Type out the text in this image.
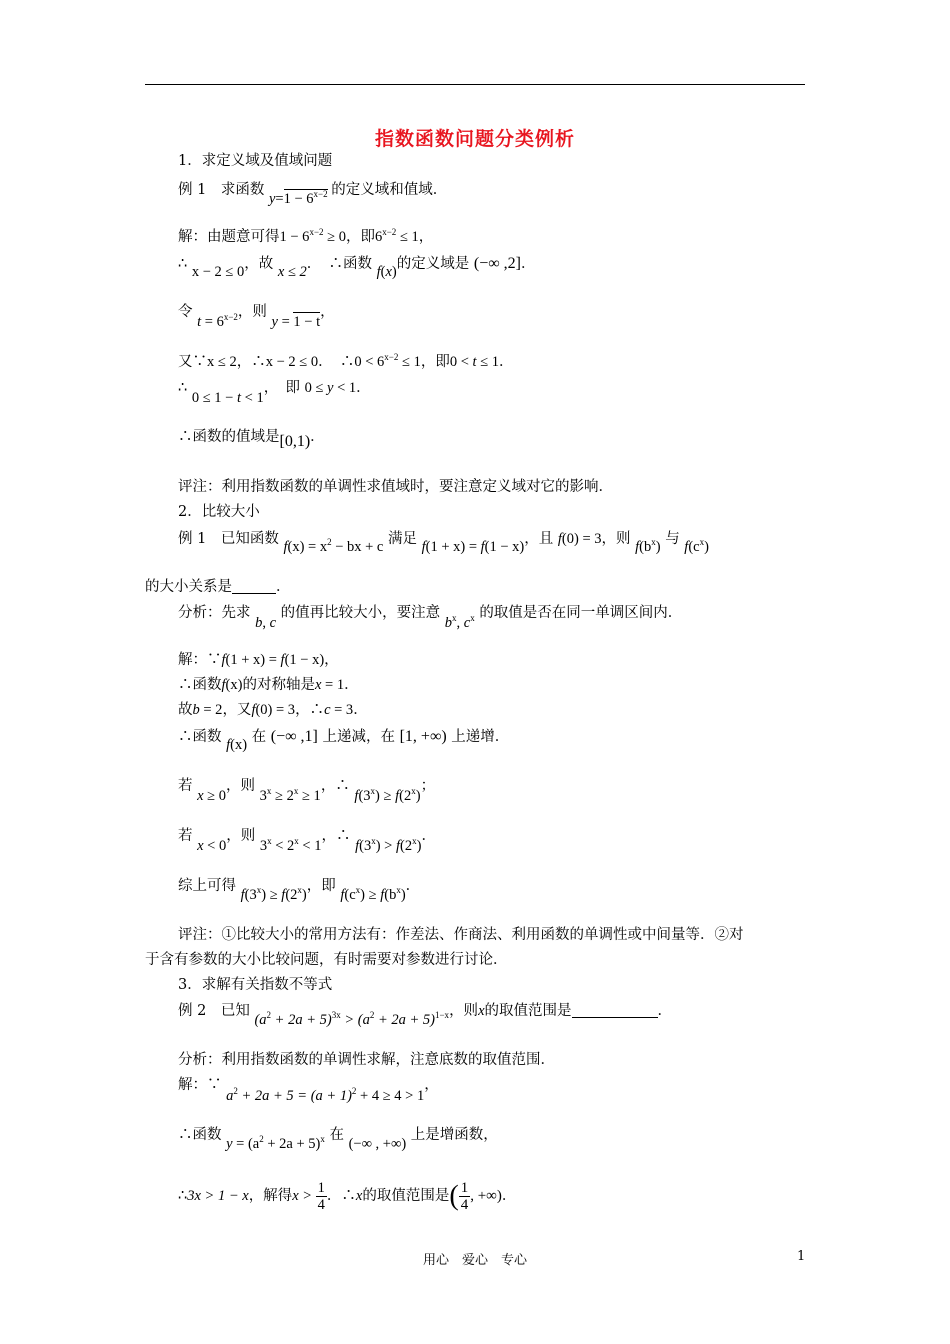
指数函数问题分类例析
1．求定义域及值域问题
例 1　求函数 $y=1 - 6^{x-2}$ 的定义域和值域．
解：由题意可得$1 - 6^{x-2} \ge 0$，即$6^{x-2} \le 1$，
∴ x − 2 ≤ 0，故 x ≤ 2．　∴函数 f(x)的定义域是 (−∞ ,2]．
令 $t = 6^{x-2}$，则 y = 1 − t，
又∵x ≤ 2，∴x − 2 ≤ 0．　∴0 < $6^{x-2} \le 1$，即0 < t ≤ 1．
∴ 0 ≤ 1 − t < 1，　即 0 ≤ y < 1．
∴函数的值域是[0,1)．
评注：利用指数函数的单调性求值域时，要注意定义域对它的影响．
2．比较大小
例 1　已知函数 $f(x) = x^2$ − bx + c 满足 f(1 + x) = f(1 − x)，且 f(0) = 3，则 $f(b^x)$ 与 $f(c^x)$
的大小关系是	．
分析：先求 b, c 的值再比较大小，要注意 $b^x$, $c^x$ 的取值是否在同一单调区间内．
解：∵f(1 + x) = f(1 − x)，
∴函数f(x)的对称轴是x = 1．
故b = 2，又f(0) = 3，∴c = 3．
∴函数 f(x) 在 (−∞ ,1] 上递减，在 [1, +∞) 上递增．
若 x ≥ 0，则 $3^x \ge 2^x \ge 1$，∴ $f(3^x) \ge f(2^x)$；
若 x < 0，则 $3^x < 2^x < 1$，∴ $f(3^x) > f(2^x)$．
综上可得 $f(3^x) \ge f(2^x)$，即 $f(c^x) \ge f(b^x)$．
评注：①比较大小的常用方法有：作差法、作商法、利用函数的单调性或中间量等．②对
于含有参数的大小比较问题，有时需要对参数进行讨论．
3．求解有关指数不等式
例 2　已知 $(a^2 + 2a + 5)^{3x} > (a^2 + 2a + 5)^{1-x}$，则x的取值范围是	．
分析：利用指数函数的单调性求解，注意底数的取值范围．
解：∵ $a^2 + 2a + 5 = (a + 1)^2 + 4 \ge 4 > 1$，
∴函数 $y = (a^2 + 2a + 5)^x$ 在 (−∞ , +∞) 上是增函数，
∴3x > 1 − x，解得$x > \frac{1}{4}$ ．∴x的取值范围是( $\frac{1}{4}$ , +∞)．
用心　爱心　专心	1
